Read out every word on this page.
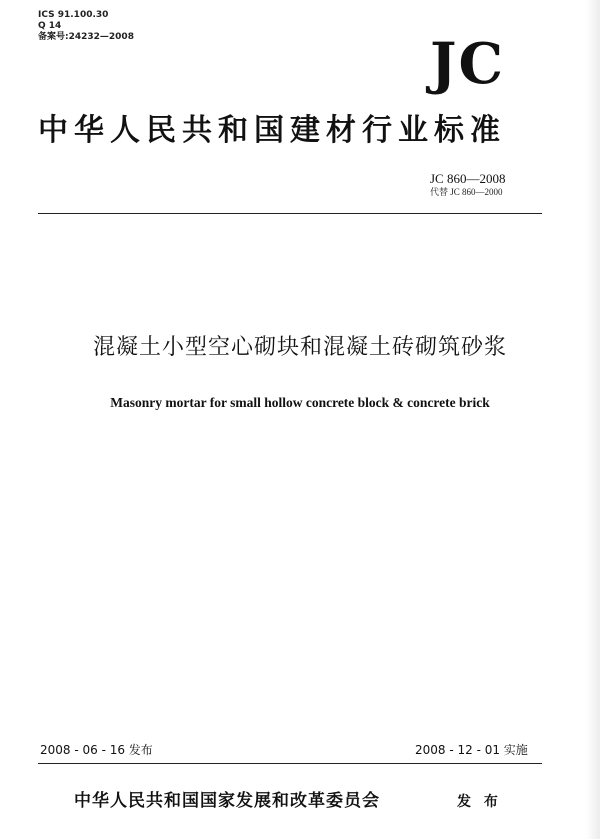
ICS 91.100.30
Q 14
备案号:24232—2008	JC
中华人民共和国建材行业标准
JC 860—2008
代替 JC 860—2000
混凝土小型空心砌块和混凝土砖砌筑砂浆
Masonry mortar for small hollow concrete block & concrete brick
2008 - 06 - 16 发布	2008 - 12 - 01 实施
中华人民共和国国家发展和改革委员会	发 布
